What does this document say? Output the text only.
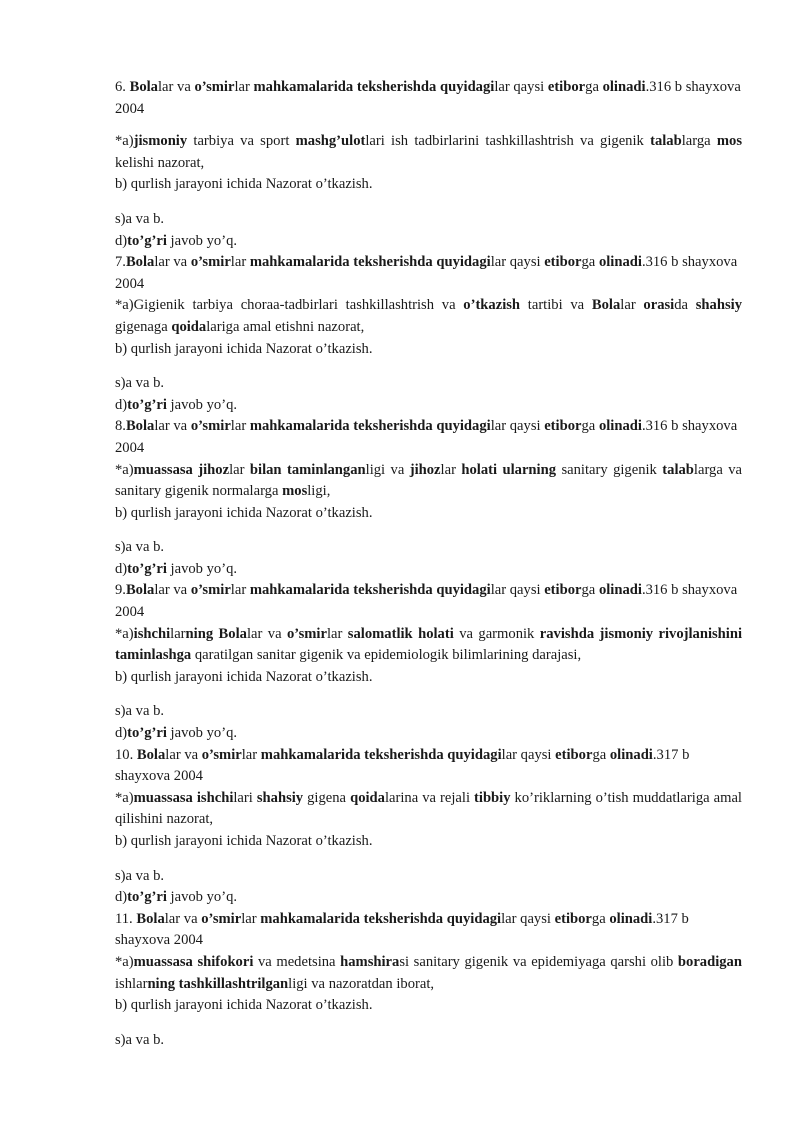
6. Bolalar va o’smirlar mahkamalarida teksherishda quyidagilar qaysi etiborga olinadi.316 b shayxova 2004

*a)jismoniy tarbiya va sport mashg’ulotlari ish tadbirlarini tashkillashtrish va gigenik talablarga mos kelishi nazorat,

b) qurlish jarayoni ichida Nazorat o’tkazish.

s)a va b.

d)to’g’ri javob yo’q.

7.Bolalar va o’smirlar mahkamalarida teksherishda quyidagilar qaysi etiborga olinadi.316 b shayxova 2004

*a)Gigienik tarbiya choraa-tadbirlari tashkillashtrish va o’tkazish tartibi va Bolalar orasida shahsiy gigenaga qoidalariga amal etishni nazorat,

b) qurlish jarayoni ichida Nazorat o’tkazish.

s)a va b.

d)to’g’ri javob yo’q.

8.Bolalar va o’smirlar mahkamalarida teksherishda quyidagilar qaysi etiborga olinadi.316 b shayxova 2004

*a)muassasa jihozlar bilan taminlanganligi va jihozlar holati ularning sanitary gigenik talablarga va sanitary gigenik normalarga mosligi,

b) qurlish jarayoni ichida Nazorat o’tkazish.

s)a va b.

d)to’g’ri javob yo’q.

9.Bolalar va o’smirlar mahkamalarida teksherishda quyidagilar qaysi etiborga olinadi.316 b shayxova 2004

*a)ishchilarning Bolalar va o’smirlar salomatlik holati va garmonik ravishda jismoniy rivojlanishini taminlashga qaratilgan sanitar gigenik va epidemiologik bilimlarining darajasi,

b) qurlish jarayoni ichida Nazorat o’tkazish.

s)a va b.

d)to’g’ri javob yo’q.

10. Bolalar va o’smirlar mahkamalarida teksherishda quyidagilar qaysi etiborga olinadi.317 b shayxova 2004

*a)muassasa ishchilari shahsiy gigena qoidalarina va rejali tibbiy ko’riklarning o’tish muddatlariga amal qilishini nazorat,

b) qurlish jarayoni ichida Nazorat o’tkazish.

s)a va b.

d)to’g’ri javob yo’q.

11. Bolalar va o’smirlar mahkamalarida teksherishda quyidagilar qaysi etiborga olinadi.317 b shayxova 2004

*a)muassasa shifokori va medetsina hamshirasi sanitary gigenik va epidemiyaga qarshi olib boradigan ishlarning tashkillashtrilganligi va nazoratdan iborat,

b) qurlish jarayoni ichida Nazorat o’tkazish.

s)a va b.
